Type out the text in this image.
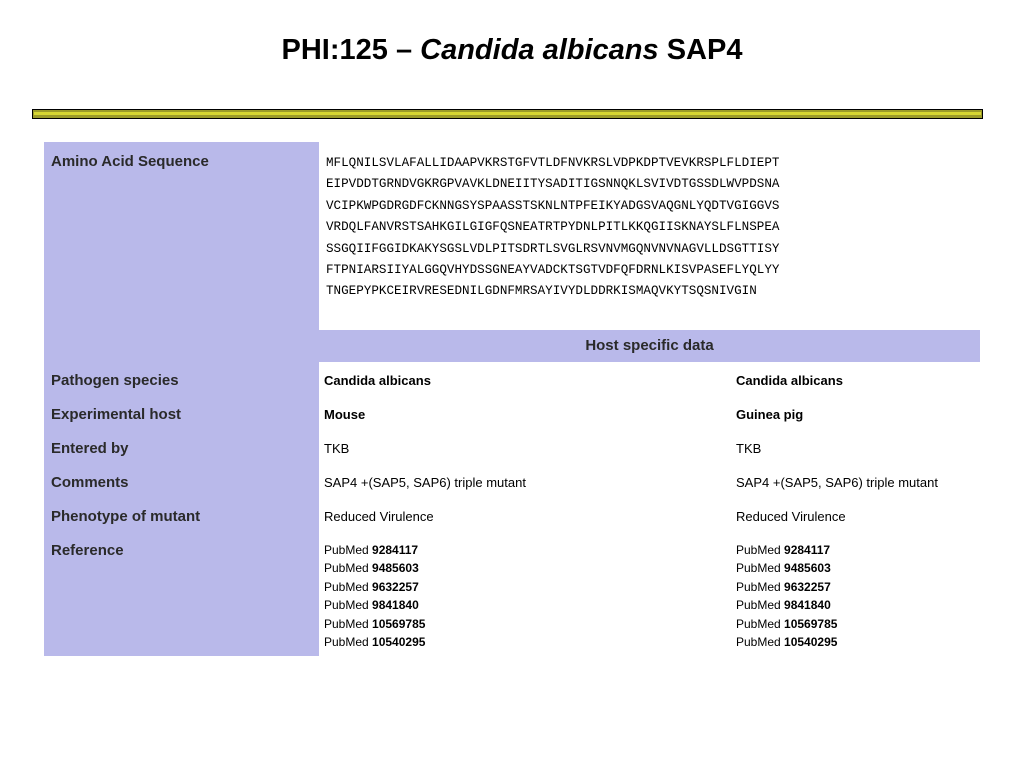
PHI:125 – Candida albicans SAP4
Amino Acid Sequence
Pathogen species
Experimental host
Entered by
Comments
Phenotype of mutant
Reference
MFLQNILSVLAFALLIDAAPVKRSTGFVTLDFNVKRSLVDPKDPTVEVKRSPLFLDIEPT
EIPVDDTGRNDVGKRGPVAVKLDNEIITYSADITIGSNNQKLSVIVDTGSSDLWVPDSNA
VCIPKWPGDRGDFCKNNGSYSPAASSTSKNLNTPFEIKYADGSVAQGNLYQDTVGIGGVS
VRDQLFANVRSTSAHKGILGIGFQSNEATRTPYDNLPITLKKQGIISKNAYSLFLNSPEA
SSGQIIFGGIDKAKYSGSLVDLPITSDRTLSVGLRSVNVMGQNVNVNAGVLLDSGTTISY
FTPNIARSIIYALGGQVHYDSSGNEAYVADCKTSGTVDFQFDRNLKISVPASEFLYQLYY
TNGEPYPKCEIRVRESEDNILGDNFMRSAYIVYDLDDRKISMAQVKYTSQSNIVGIN
Host specific data
Candida albicans
Mouse
TKB
SAP4 +(SAP5, SAP6) triple mutant
Reduced Virulence
PubMed 9284117
PubMed 9485603
PubMed 9632257
PubMed 9841840
PubMed 10569785
PubMed 10540295
Candida albicans
Guinea pig
TKB
SAP4 +(SAP5, SAP6) triple mutant
Reduced Virulence
PubMed 9284117
PubMed 9485603
PubMed 9632257
PubMed 9841840
PubMed 10569785
PubMed 10540295
